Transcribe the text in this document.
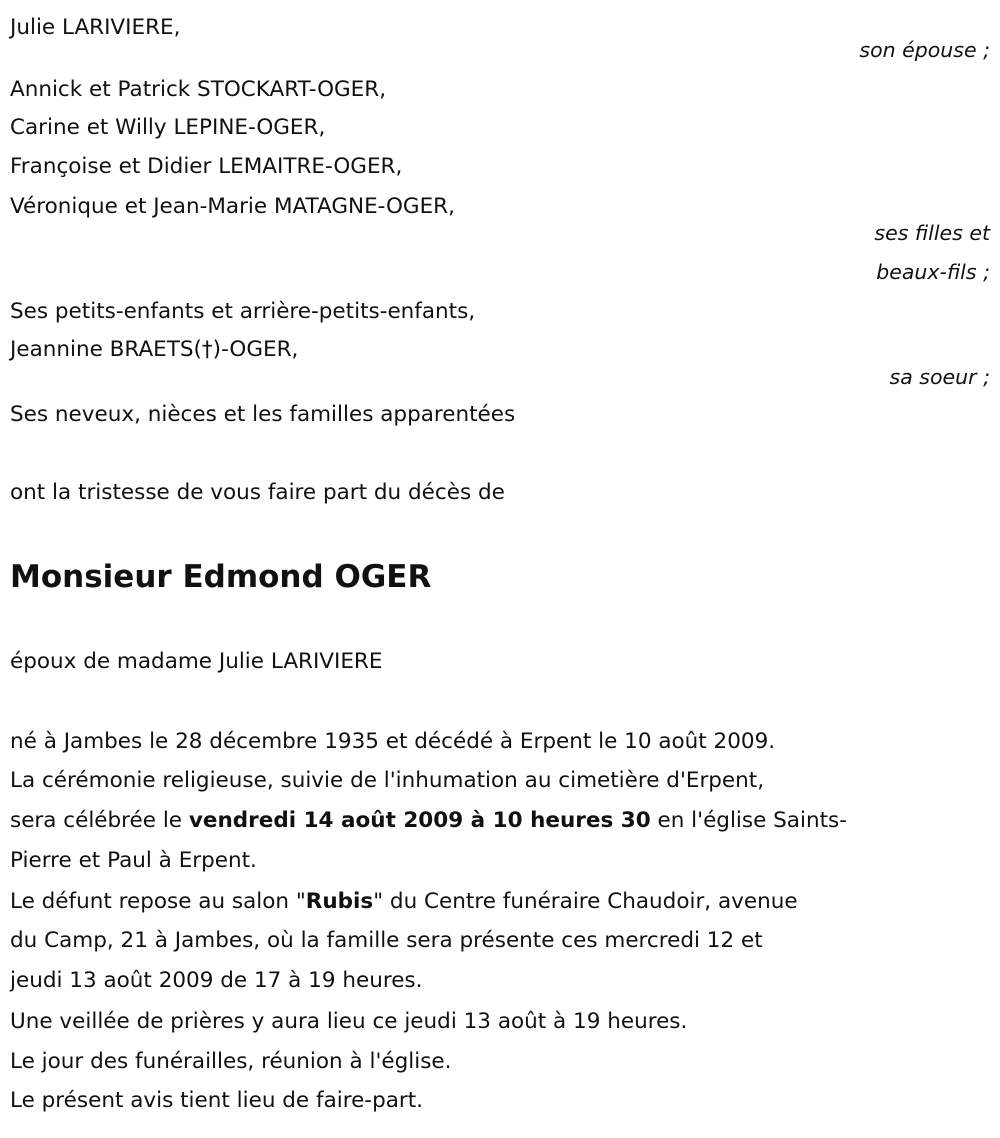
Julie LARIVIERE,
son épouse ;
Annick et Patrick STOCKART-OGER,
Carine et Willy LEPINE-OGER,
Françoise et Didier LEMAITRE-OGER,
Véronique et Jean-Marie MATAGNE-OGER,
ses filles et
beaux-fils ;
Ses petits-enfants et arrière-petits-enfants,
Jeannine BRAETS(†)-OGER,
sa soeur ;
Ses neveux, nièces et les familles apparentées
ont la tristesse de vous faire part du décès de
Monsieur Edmond OGER
époux de madame Julie LARIVIERE
né à Jambes le 28 décembre 1935 et décédé à Erpent le 10 août 2009.
La cérémonie religieuse, suivie de l'inhumation au cimetière d'Erpent,
sera célébrée le vendredi 14 août 2009 à 10 heures 30 en l'église Saints-
Pierre et Paul à Erpent.
Le défunt repose au salon "Rubis" du Centre funéraire Chaudoir, avenue
du Camp, 21 à Jambes, où la famille sera présente ces mercredi 12 et
jeudi 13 août 2009 de 17 à 19 heures.
Une veillée de prières y aura lieu ce jeudi 13 août à 19 heures.
Le jour des funérailles, réunion à l'église.
Le présent avis tient lieu de faire-part.
